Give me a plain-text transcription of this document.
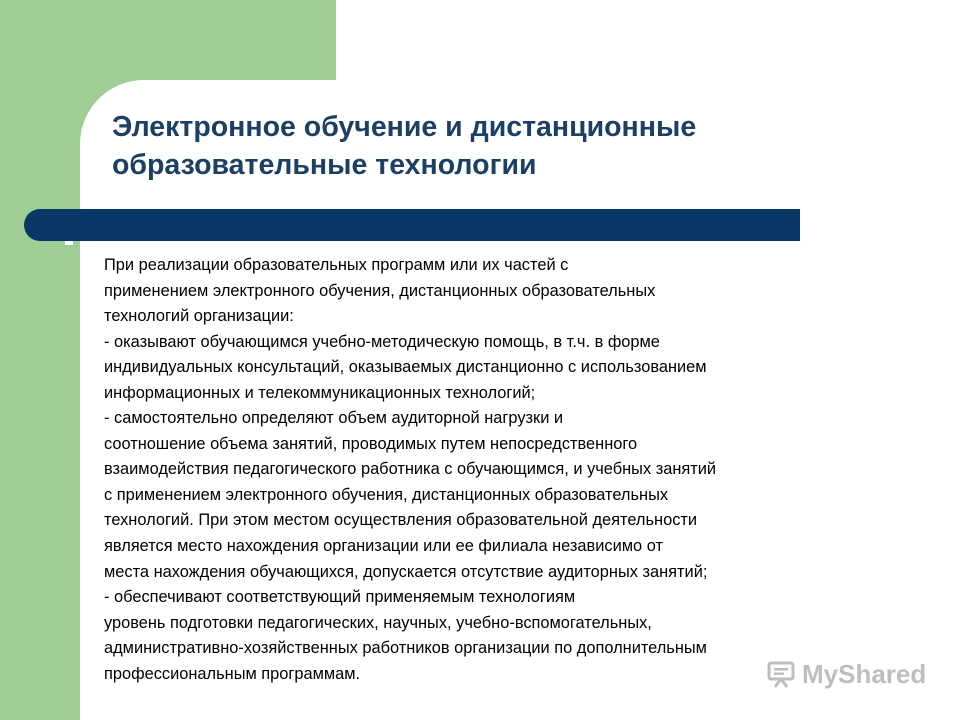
Электронное обучение и дистанционные
образовательные технологии

При реализации образовательных программ или их частей с
применением электронного обучения, дистанционных образовательных
технологий организации:
- оказывают обучающимся учебно-методическую помощь, в т.ч. в форме
индивидуальных консультаций, оказываемых дистанционно с использованием
информационных и телекоммуникационных технологий;
- самостоятельно определяют объем аудиторной нагрузки и
соотношение объема занятий, проводимых путем непосредственного
взаимодействия педагогического работника с обучающимся, и учебных занятий
с применением электронного обучения, дистанционных образовательных
технологий. При этом местом осуществления образовательной деятельности
является место нахождения организации или ее филиала независимо от
места нахождения обучающихся, допускается отсутствие аудиторных занятий;
- обеспечивают соответствующий применяемым технологиям
уровень подготовки педагогических, научных, учебно-вспомогательных,
административно-хозяйственных работников организации по дополнительным
профессиональным программам.	MyShared
